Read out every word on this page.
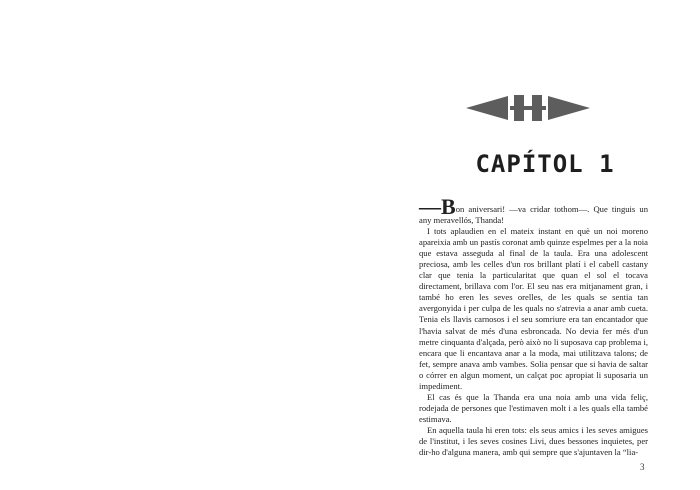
CAPÍTOL 1

—Bon aniversari! —va cridar tothom—. Que tinguis un any meravellós, Thanda!

I tots aplaudien en el mateix instant en què un noi moreno apareixia amb un pastís coronat amb quinze espelmes per a la noia que estava asseguda al final de la taula. Era una adolescent preciosa, amb les celles d'un ros brillant platí i el cabell castany clar que tenia la particularitat que quan el sol el tocava directament, brillava com l'or. El seu nas era mitjanament gran, i també ho eren les seves orelles, de les quals se sentia tan avergonyida i per culpa de les quals no s'atrevia a anar amb cueta. Tenia els llavis carnosos i el seu somriure era tan encantador que l'havia salvat de més d'una esbroncada. No devia fer més d'un metre cinquanta d'alçada, però això no li suposava cap problema i, encara que li encantava anar a la moda, mai utilitzava talons; de fet, sempre anava amb vambes. Solia pensar que si havia de saltar o córrer en algun moment, un calçat poc apropiat li suposaria un impediment.

El cas és que la Thanda era una noia amb una vida feliç, rodejada de persones que l'estimaven molt i a les quals ella també estimava.

En aquella taula hi eren tots: els seus amics i les seves amigues de l'institut, i les seves cosines Livi, dues bessones inquietes, per dir-ho d'alguna manera, amb qui sempre que s'ajuntaven la “lia-

3
